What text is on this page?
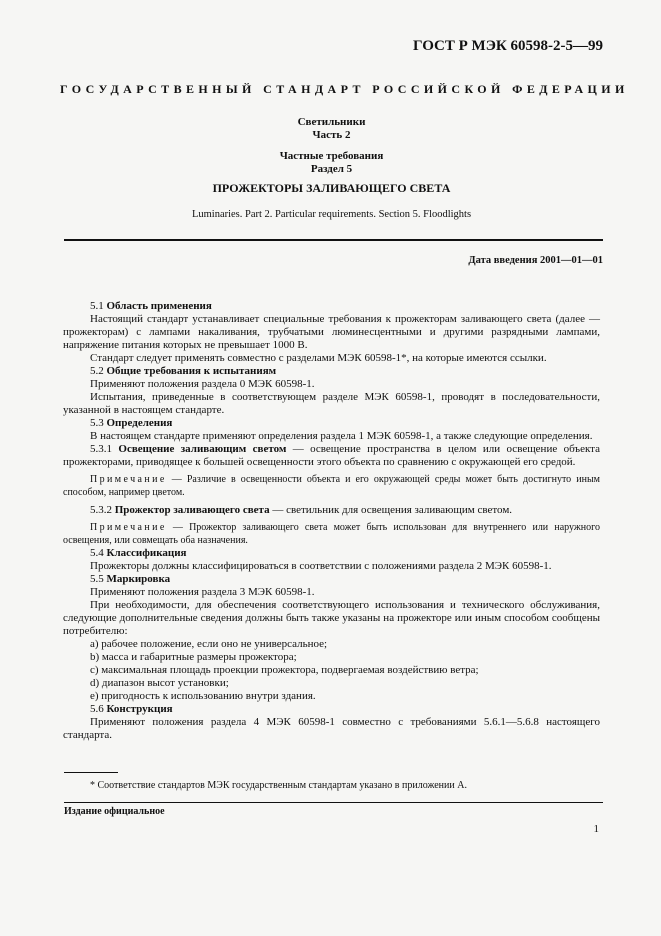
ГОСТ Р МЭК 60598-2-5—99
ГОСУДАРСТВЕННЫЙ СТАНДАРТ РОССИЙСКОЙ ФЕДЕРАЦИИ
Светильники
Часть 2
Частные требования
Раздел 5
ПРОЖЕКТОРЫ ЗАЛИВАЮЩЕГО СВЕТА
Luminaries. Part 2. Particular requirements. Section 5. Floodlights
Дата введения 2001—01—01

5.1 Область применения

Настоящий стандарт устанавливает специальные требования к прожекторам заливающего света (далее — прожекторам) с лампами накаливания, трубчатыми люминесцентными и другими разрядными лампами, напряжение питания которых не превышает 1000 В.

Стандарт следует применять совместно с разделами МЭК 60598-1*, на которые имеются ссылки.

5.2 Общие требования к испытаниям

Применяют положения раздела 0 МЭК 60598-1.

Испытания, приведенные в соответствующем разделе МЭК 60598-1, проводят в последовательности, указанной в настоящем стандарте.

5.3 Определения

В настоящем стандарте применяют определения раздела 1 МЭК 60598-1, а также следующие определения.

5.3.1 Освещение заливающим светом — освещение пространства в целом или освещение объекта прожекторами, приводящее к большей освещенности этого объекта по сравнению с окружающей его средой.

Примечание — Различие в освещенности объекта и его окружающей среды может быть достигнуто иным способом, например цветом.

5.3.2 Прожектор заливающего света — светильник для освещения заливающим светом.

Примечание — Прожектор заливающего света может быть использован для внутреннего или наружного освещения, или совмещать оба назначения.

5.4 Классификация

Прожекторы должны классифицироваться в соответствии с положениями раздела 2 МЭК 60598-1.

5.5 Маркировка

Применяют положения раздела 3 МЭК 60598-1.

При необходимости, для обеспечения соответствующего использования и технического обслуживания, следующие дополнительные сведения должны быть также указаны на прожекторе или иным способом сообщены потребителю:

a) рабочее положение, если оно не универсальное;

b) масса и габаритные размеры прожектора;

c) максимальная площадь проекции прожектора, подвергаемая воздействию ветра;

d) диапазон высот установки;

e) пригодность к использованию внутри здания.

5.6 Конструкция

Применяют положения раздела 4 МЭК 60598-1 совместно с требованиями 5.6.1—5.6.8 настоящего стандарта.

* Соответствие стандартов МЭК государственным стандартам указано в приложении А.
Издание официальное
1
